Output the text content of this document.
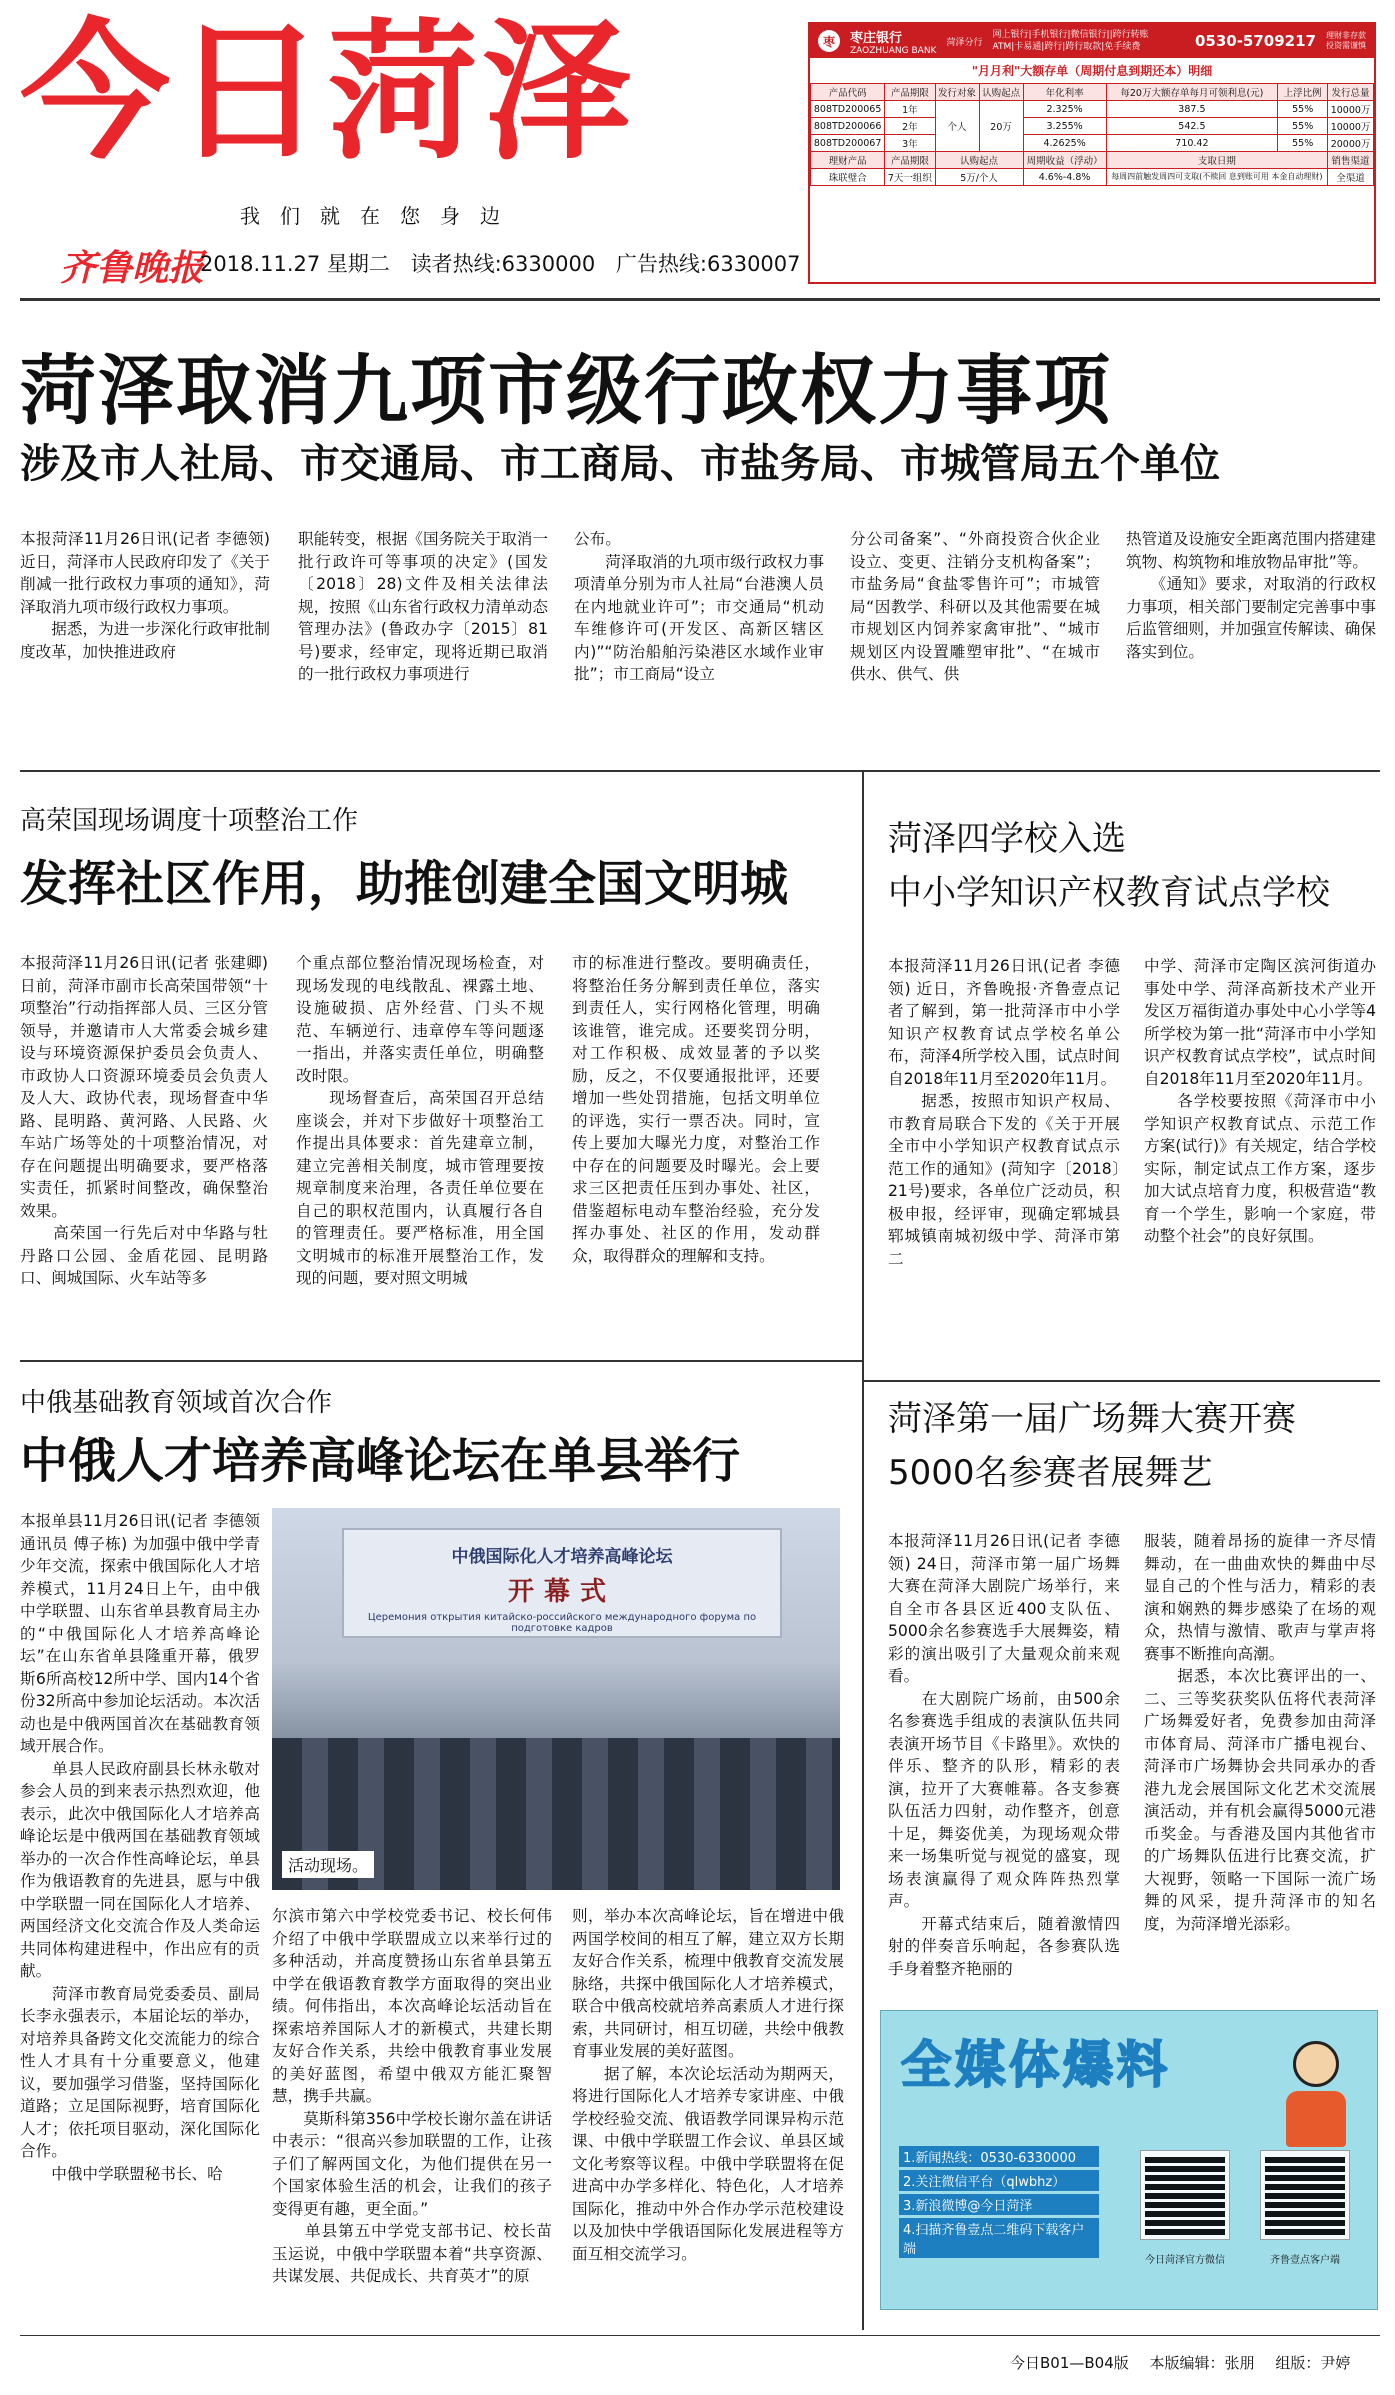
今日菏泽
我们就在您身边
齐鲁晚报
2018.11.27 星期二 读者热线:6330000 广告热线:6330007
枣	枣庄银行
ZAOZHUANG BANK
菏泽分行
网上银行|手机银行|微信银行||跨行转账
ATM|卡易通|跨行|跨行取款|免手续费	0530-5709217 理财非存款
投资需谨慎
"月月利"大额存单（周期付息到期还本）明细
产品代码	产品期限	发行对象	认购起点	年化利率	每20万大额存单每月可领利息(元)	上浮比例	发行总量
808TD200065	1年	个人	20万	2.325%	387.5	55%	10000万
808TD200066	2年			3.255%	542.5	55%	10000万
808TD200067	3年			4.2625%	710.42	55%	20000万
理财产品	产品期限	认购起点		周期收益（浮动）	支取日期		销售渠道
珠联璧合	7天一组织	5万/个人		4.6%-4.8%	每周四前触发周四可支取(不赎回 息到账可用 本金自动理财)		全渠道
菏泽取消九项市级行政权力事项
涉及市人社局、市交通局、市工商局、市盐务局、市城管局五个单位
本报菏泽11月26日讯(记者 李德领) 近日，菏泽市人民政府印发了《关于削减一批行政权力事项的通知》，菏泽取消九项市级行政权力事项。
　　据悉，为进一步深化行政审批制度改革，加快推进政府
职能转变，根据《国务院关于取消一批行政许可等事项的决定》(国发〔2018〕28)文件及相关法律法规，按照《山东省行政权力清单动态管理办法》(鲁政办字〔2015〕81号)要求，经审定，现将近期已取消的一批行政权力事项进行
公布。
　　菏泽取消的九项市级行政权力事项清单分别为市人社局“台港澳人员在内地就业许可”；市交通局“机动车维修许可(开发区、高新区辖区内)”“防治船舶污染港区水域作业审批”；市工商局“设立
分公司备案”、“外商投资合伙企业设立、变更、注销分支机构备案”；市盐务局“食盐零售许可”；市城管局“因教学、科研以及其他需要在城市规划区内饲养家禽审批”、“城市规划区内设置雕塑审批”、“在城市供水、供气、供
热管道及设施安全距离范围内搭建建筑物、构筑物和堆放物品审批”等。
　　《通知》要求，对取消的行政权力事项，相关部门要制定完善事中事后监管细则，并加强宣传解读、确保落实到位。
高荣国现场调度十项整治工作
发挥社区作用，助推创建全国文明城
本报菏泽11月26日讯(记者 张建卿) 日前，菏泽市副市长高荣国带领“十项整治”行动指挥部人员、三区分管领导，并邀请市人大常委会城乡建设与环境资源保护委员会负责人、市政协人口资源环境委员会负责人及人大、政协代表，现场督查中华路、昆明路、黄河路、人民路、火车站广场等处的十项整治情况，对存在问题提出明确要求，要严格落实责任，抓紧时间整改，确保整治效果。
　　高荣国一行先后对中华路与牡丹路口公园、金盾花园、昆明路口、闽城国际、火车站等多
个重点部位整治情况现场检查，对现场发现的电线散乱、裸露土地、设施破损、店外经营、门头不规范、车辆逆行、违章停车等问题逐一指出，并落实责任单位，明确整改时限。
　　现场督查后，高荣国召开总结座谈会，并对下步做好十项整治工作提出具体要求：首先建章立制，建立完善相关制度，城市管理要按规章制度来治理，各责任单位要在自己的职权范围内，认真履行各自的管理责任。要严格标准，用全国文明城市的标准开展整治工作，发现的问题，要对照文明城
市的标准进行整改。要明确责任，将整治任务分解到责任单位，落实到责任人，实行网格化管理，明确该谁管，谁完成。还要奖罚分明，对工作积极、成效显著的予以奖励，反之，不仅要通报批评，还要增加一些处罚措施，包括文明单位的评选，实行一票否决。同时，宣传上要加大曝光力度，对整治工作中存在的问题要及时曝光。会上要求三区把责任压到办事处、社区，借鉴超标电动车整治经验，充分发挥办事处、社区的作用，发动群众，取得群众的理解和支持。
菏泽四学校入选
中小学知识产权教育试点学校
本报菏泽11月26日讯(记者 李德领) 近日，齐鲁晚报·齐鲁壹点记者了解到，第一批菏泽市中小学知识产权教育试点学校名单公布，菏泽4所学校入围，试点时间自2018年11月至2020年11月。
　　据悉，按照市知识产权局、市教育局联合下发的《关于开展全市中小学知识产权教育试点示范工作的通知》(菏知字〔2018〕21号)要求，各单位广泛动员，积极申报，经评审，现确定郓城县郓城镇南城初级中学、菏泽市第二
中学、菏泽市定陶区滨河街道办事处中学、菏泽高新技术产业开发区万福街道办事处中心小学等4所学校为第一批“菏泽市中小学知识产权教育试点学校”，试点时间自2018年11月至2020年11月。
　　各学校要按照《菏泽市中小学知识产权教育试点、示范工作方案(试行)》有关规定，结合学校实际，制定试点工作方案，逐步加大试点培育力度，积极营造“教育一个学生，影响一个家庭，带动整个社会”的良好氛围。
中俄基础教育领域首次合作
中俄人才培养高峰论坛在单县举行
本报单县11月26日讯(记者 李德领 通讯员 傅子栋) 为加强中俄中学青少年交流，探索中俄国际化人才培养模式，11月24日上午，由中俄中学联盟、山东省单县教育局主办的“中俄国际化人才培养高峰论坛”在山东省单县隆重开幕，俄罗斯6所高校12所中学、国内14个省份32所高中参加论坛活动。本次活动也是中俄两国首次在基础教育领域开展合作。
　　单县人民政府副县长林永敬对参会人员的到来表示热烈欢迎，他表示，此次中俄国际化人才培养高峰论坛是中俄两国在基础教育领域举办的一次合作性高峰论坛，单县作为俄语教育的先进县，愿与中俄中学联盟一同在国际化人才培养、两国经济文化交流合作及人类命运共同体构建进程中，作出应有的贡献。
　　菏泽市教育局党委委员、副局长李永强表示，本届论坛的举办，对培养具备跨文化交流能力的综合性人才具有十分重要意义，他建议，要加强学习借鉴，坚持国际化道路；立足国际视野，培育国际化人才；依托项目驱动，深化国际化合作。
　　中俄中学联盟秘书长、哈
中俄国际化人才培养高峰论坛
开幕式
Церемония открытия китайско-российского международного форума по подготовке кадров
活动现场。
尔滨市第六中学校党委书记、校长何伟介绍了中俄中学联盟成立以来举行过的多种活动，并高度赞扬山东省单县第五中学在俄语教育教学方面取得的突出业绩。何伟指出，本次高峰论坛活动旨在探索培养国际人才的新模式，共建长期友好合作关系，共绘中俄教育事业发展的美好蓝图，希望中俄双方能汇聚智慧，携手共赢。
　　莫斯科第356中学校长谢尔盖在讲话中表示：“很高兴参加联盟的工作，让孩子们了解两国文化，为他们提供在另一个国家体验生活的机会，让我们的孩子变得更有趣，更全面。”
　　单县第五中学党支部书记、校长苗玉运说，中俄中学联盟本着“共享资源、共谋发展、共促成长、共育英才”的原
则，举办本次高峰论坛，旨在增进中俄两国学校间的相互了解，建立双方长期友好合作关系，梳理中俄教育交流发展脉络，共探中俄国际化人才培养模式，联合中俄高校就培养高素质人才进行探索，共同研讨，相互切磋，共绘中俄教育事业发展的美好蓝图。
　　据了解，本次论坛活动为期两天，将进行国际化人才培养专家讲座、中俄学校经验交流、俄语教学同课异构示范课、中俄中学联盟工作会议、单县区域文化考察等议程。中俄中学联盟将在促进高中办学多样化、特色化，人才培养国际化，推动中外合作办学示范校建设以及加快中学俄语国际化发展进程等方面互相交流学习。
菏泽第一届广场舞大赛开赛
5000名参赛者展舞艺
本报菏泽11月26日讯(记者 李德领) 24日，菏泽市第一届广场舞大赛在菏泽大剧院广场举行，来自全市各县区近400支队伍、5000余名参赛选手大展舞姿，精彩的演出吸引了大量观众前来观看。
　　在大剧院广场前，由500余名参赛选手组成的表演队伍共同表演开场节目《卡路里》。欢快的伴乐、整齐的队形，精彩的表演，拉开了大赛帷幕。各支参赛队伍活力四射，动作整齐，创意十足，舞姿优美，为现场观众带来一场集听觉与视觉的盛宴，现场表演赢得了观众阵阵热烈掌声。
　　开幕式结束后，随着激情四射的伴奏音乐响起，各参赛队选手身着整齐艳丽的
服装，随着昂扬的旋律一齐尽情舞动，在一曲曲欢快的舞曲中尽显自己的个性与活力，精彩的表演和娴熟的舞步感染了在场的观众，热情与激情、歌声与掌声将赛事不断推向高潮。
　　据悉，本次比赛评出的一、二、三等奖获奖队伍将代表菏泽广场舞爱好者，免费参加由菏泽市体育局、菏泽市广播电视台、菏泽市广场舞协会共同承办的香港九龙会展国际文化艺术交流展演活动，并有机会赢得5000元港币奖金。与香港及国内其他省市的广场舞队伍进行比赛交流，扩大视野，领略一下国际一流广场舞的风采，提升菏泽市的知名度，为菏泽增光添彩。
全媒体爆料
1.新闻热线：0530-6330000
2.关注微信平台（qlwbhz）
3.新浪微博@今日菏泽
4.扫描齐鲁壹点二维码下载客户端
今日菏泽官方微信	齐鲁壹点客户端
今日B01—B04版 本版编辑：张朋 组版：尹婷
